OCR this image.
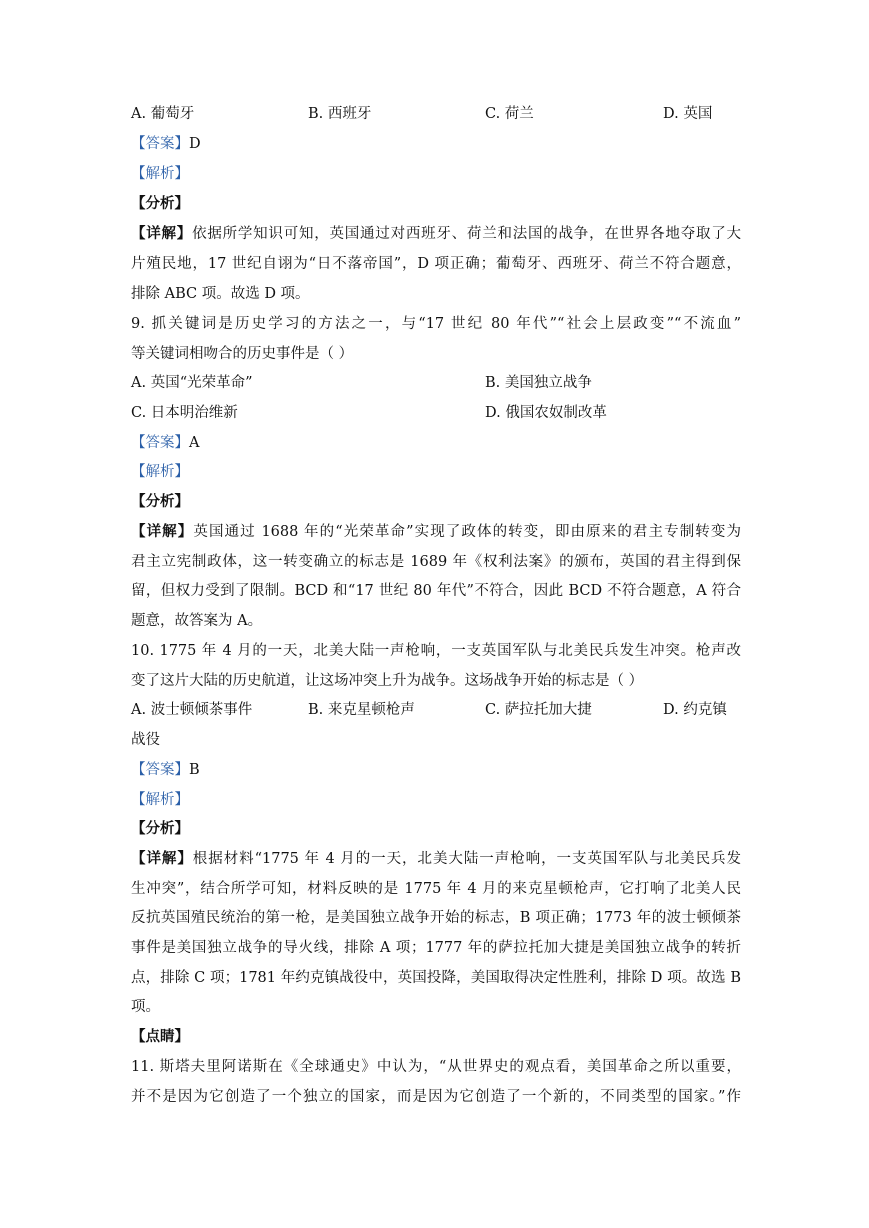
A. 葡萄牙	B. 西班牙	C. 荷兰	D. 英国
【答案】D
【解析】
【分析】
【详解】依据所学知识可知，英国通过对西班牙、荷兰和法国的战争，在世界各地夺取了大
片殖民地，17 世纪自诩为“日不落帝国”，D 项正确；葡萄牙、西班牙、荷兰不符合题意，
排除 ABC 项。故选 D 项。
9. 抓关键词是历史学习的方法之一，与“17 世纪 80 年代”“社会上层政变”“不流血”
等关键词相吻合的历史事件是（ ）
A. 英国“光荣革命”	B. 美国独立战争
C. 日本明治维新	D. 俄国农奴制改革
【答案】A
【解析】
【分析】
【详解】英国通过 1688 年的“光荣革命”实现了政体的转变，即由原来的君主专制转变为
君主立宪制政体，这一转变确立的标志是 1689 年《权利法案》的颁布，英国的君主得到保
留，但权力受到了限制。BCD 和“17 世纪 80 年代”不符合，因此 BCD 不符合题意，A 符合
题意，故答案为 A。
10. 1775 年 4 月的一天，北美大陆一声枪响，一支英国军队与北美民兵发生冲突。枪声改
变了这片大陆的历史航道，让这场冲突上升为战争。这场战争开始的标志是（ ）
A. 波士顿倾茶事件	B. 来克星顿枪声	C. 萨拉托加大捷	D. 约克镇
战役
【答案】B
【解析】
【分析】
【详解】根据材料“1775 年 4 月的一天，北美大陆一声枪响，一支英国军队与北美民兵发
生冲突”，结合所学可知，材料反映的是 1775 年 4 月的来克星顿枪声，它打响了北美人民
反抗英国殖民统治的第一枪，是美国独立战争开始的标志，B 项正确；1773 年的波士顿倾茶
事件是美国独立战争的导火线，排除 A 项；1777 年的萨拉托加大捷是美国独立战争的转折
点，排除 C 项；1781 年约克镇战役中，英国投降，美国取得决定性胜利，排除 D 项。故选 B
项。
【点睛】
11. 斯塔夫里阿诺斯在《全球通史》中认为，“从世界史的观点看，美国革命之所以重要，
并不是因为它创造了一个独立的国家，而是因为它创造了一个新的，不同类型的国家。”作
